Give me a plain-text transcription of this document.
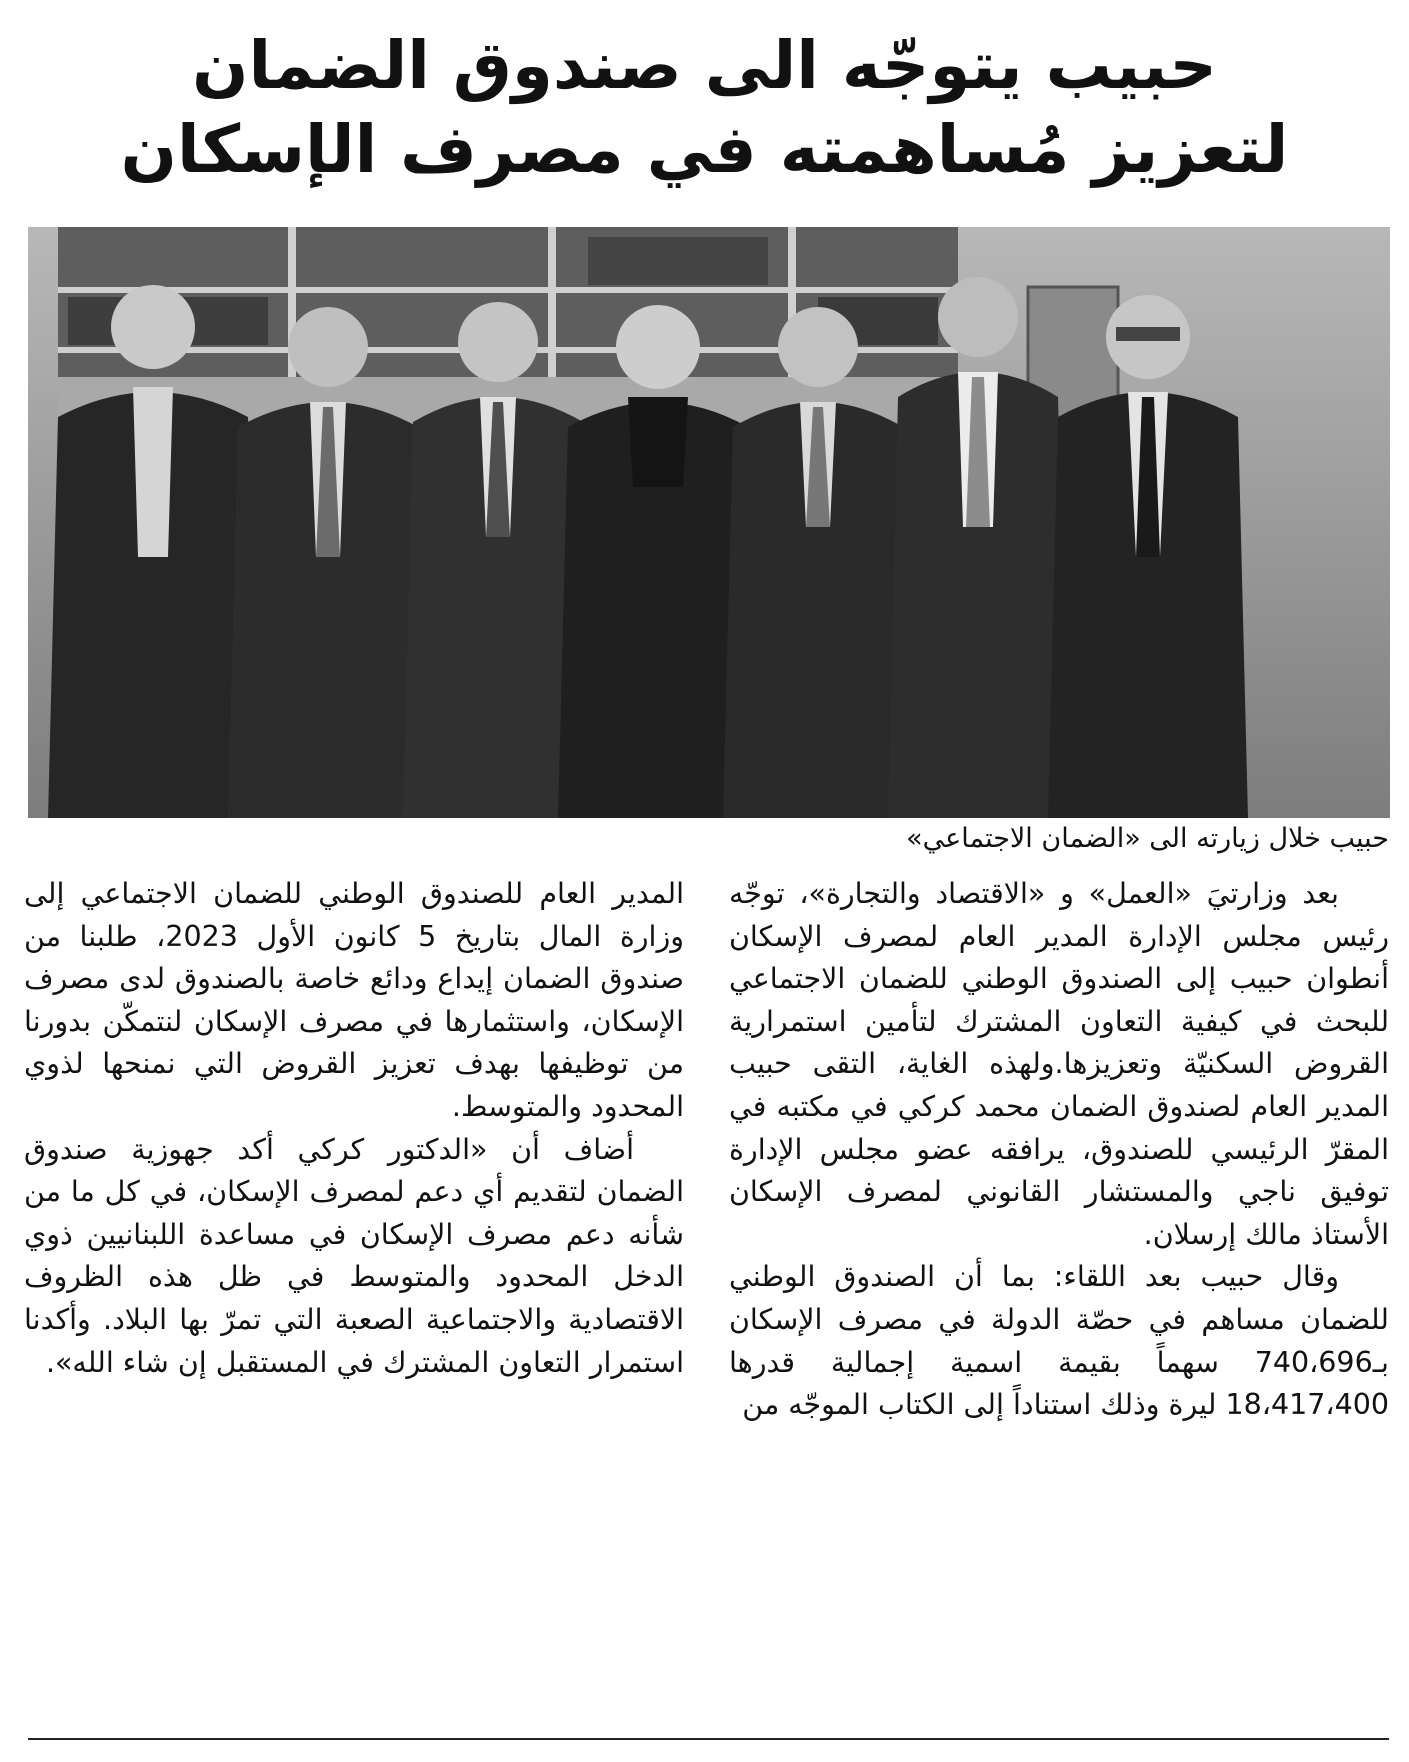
حبيب يتوجّه الى صندوق الضمان
لتعزيز مُساهمته في مصرف الإسكان

حبيب خلال زيارته الى «الضمان الاجتماعي»

بعد وزارتيَ «العمل» و «الاقتصاد والتجارة»، توجّه رئيس مجلس الإدارة المدير العام لمصرف الإسكان أنطوان حبيب إلى الصندوق الوطني للضمان الاجتماعي للبحث في كيفية التعاون المشترك لتأمين استمرارية القروض السكنيّة وتعزيزها.ولهذه الغاية، التقى حبيب المدير العام لصندوق الضمان محمد كركي في مكتبه في المقرّ الرئيسي للصندوق، يرافقه عضو مجلس الإدارة توفيق ناجي والمستشار القانوني لمصرف الإسكان الأستاذ مالك إرسلان.

وقال حبيب بعد اللقاء: بما أن الصندوق الوطني للضمان مساهم في حصّة الدولة في مصرف الإسكان بـ740،696 سهماً بقيمة اسمية إجمالية قدرها 18،417،400 ليرة وذلك استناداً إلى الكتاب الموجّه من

المدير العام للصندوق الوطني للضمان الاجتماعي إلى وزارة المال بتاريخ 5 كانون الأول 2023، طلبنا من صندوق الضمان إيداع ودائع خاصة بالصندوق لدى مصرف الإسكان، واستثمارها في مصرف الإسكان لنتمكّن بدورنا من توظيفها بهدف تعزيز القروض التي نمنحها لذوي المحدود والمتوسط.

أضاف أن «الدكتور كركي أكد جهوزية صندوق الضمان لتقديم أي دعم لمصرف الإسكان، في كل ما من شأنه دعم مصرف الإسكان في مساعدة اللبنانيين ذوي الدخل المحدود والمتوسط في ظل هذه الظروف الاقتصادية والاجتماعية الصعبة التي تمرّ بها البلاد. وأكدنا استمرار التعاون المشترك في المستقبل إن شاء الله».
